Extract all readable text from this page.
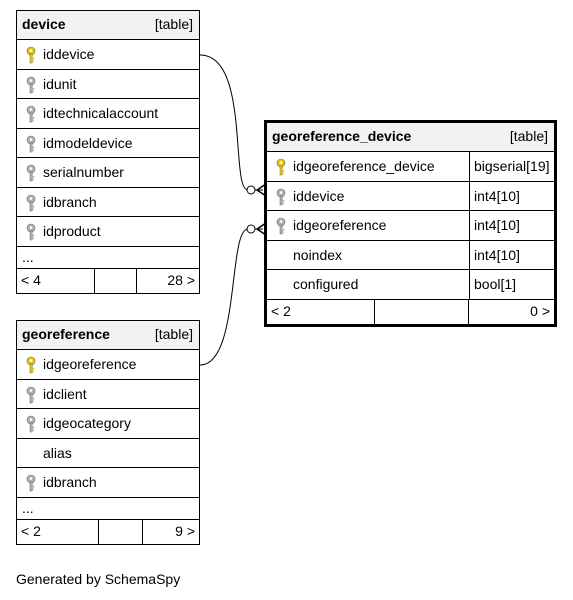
device	[table]
iddevice
idunit
idtechnicalaccount
idmodeldevice
serialnumber
idbranch
idproduct
...
< 4	28 >
georeference	[table]
idgeoreference
idclient
idgeocategory
alias
idbranch
...
< 2	9 >
georeference_device	[table]
idgeoreference_device	bigserial[19]
iddevice	int4[10]
idgeoreference	int4[10]
noindex	int4[10]
configured	bool[1]
< 2	0 >
Generated by SchemaSpy
